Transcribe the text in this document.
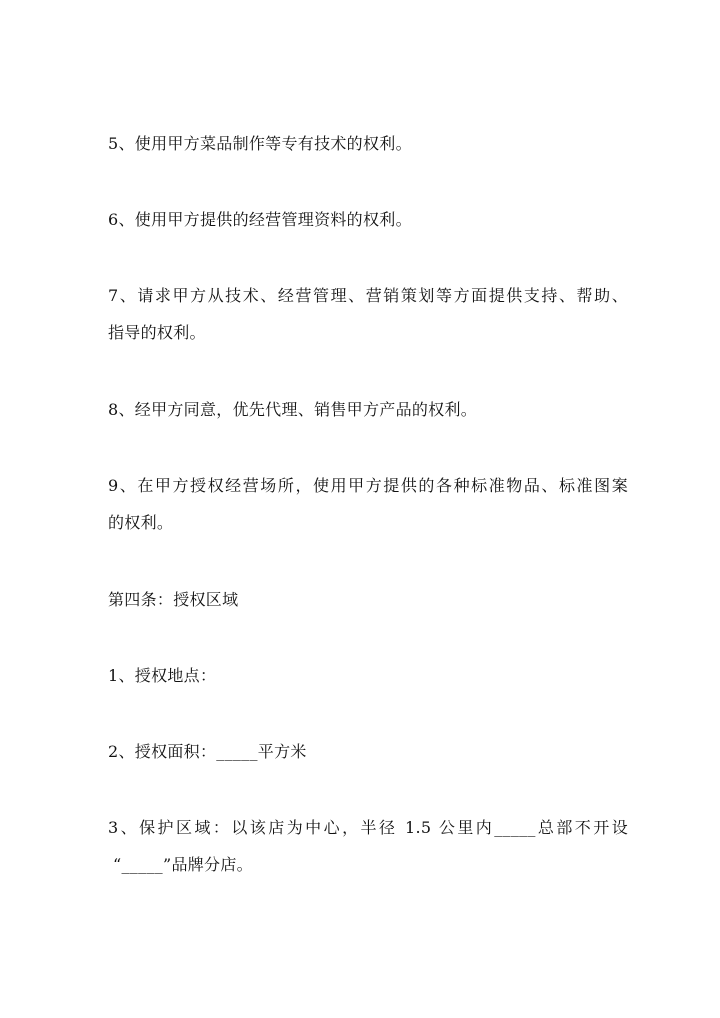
5、使用甲方菜品制作等专有技术的权利。
6、使用甲方提供的经营管理资料的权利。
7、请求甲方从技术、经营管理、营销策划等方面提供支持、帮助、
指导的权利。
8、经甲方同意，优先代理、销售甲方产品的权利。
9、在甲方授权经营场所，使用甲方提供的各种标准物品、标准图案
的权利。
第四条：授权区域
1、授权地点：
2、授权面积：_____平方米
3、保护区域：以该店为中心，半径 1.5 公里内_____总部不开设
“_____”品牌分店。
